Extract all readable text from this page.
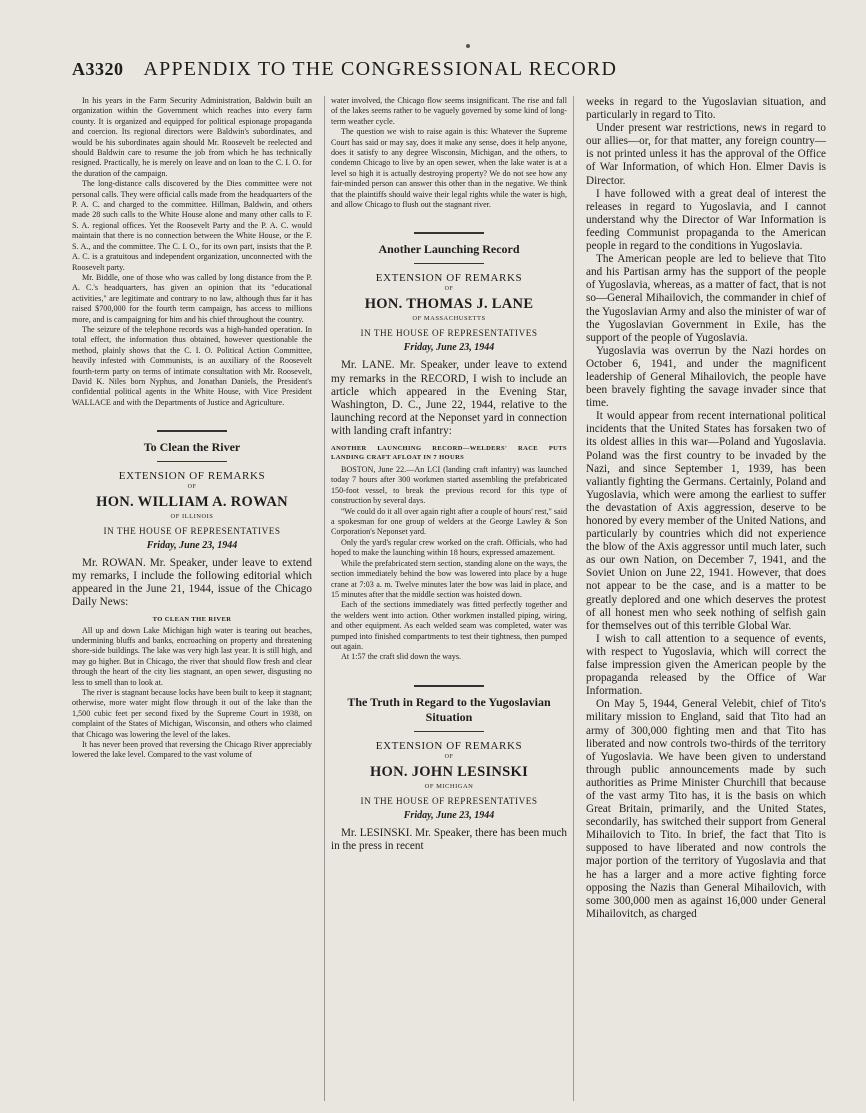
A3320 APPENDIX TO THE CONGRESSIONAL RECORD

In his years in the Farm Security Administration, Baldwin built an organization within the Government which reaches into every farm county. It is organized and equipped for political espionage propaganda and coercion. Its regional directors were Baldwin's subordinates, and would be his subordinates again should Mr. Roosevelt be reelected and should Baldwin care to resume the job from which he has technically resigned. Practically, he is merely on leave and on loan to the C. I. O. for the duration of the campaign.

The long-distance calls discovered by the Dies committee were not personal calls. They were official calls made from the headquarters of the P. A. C. and charged to the committee. Hillman, Baldwin, and others made 28 such calls to the White House alone and many other calls to F. S. A. regional offices. Yet the Roosevelt Party and the P. A. C. would maintain that there is no connection between the White House, or the F. S. A., and the committee. The C. I. O., for its own part, insists that the P. A. C. is a gratuitous and independent organization, unconnected with the Roosevelt party.

Mr. Biddle, one of those who was called by long distance from the P. A. C.'s headquarters, has given an opinion that its "educational activities," are legitimate and contrary to no law, although thus far it has raised $700,000 for the fourth term campaign, has access to millions more, and is campaigning for him and his chief throughout the country.

The seizure of the telephone records was a high-handed operation. In total effect, the information thus obtained, however questionable the method, plainly shows that the C. I. O. Political Action Committee, heavily infested with Communists, is an auxiliary of the Roosevelt fourth-term party on terms of intimate consultation with Mr. Roosevelt, David K. Niles born Nyphus, and Jonathan Daniels, the President's confidential political agents in the White House, with Vice President WALLACE and with the Departments of Justice and Agriculture.

To Clean the River
EXTENSION OF REMARKS
OF
HON. WILLIAM A. ROWAN
OF ILLINOIS
IN THE HOUSE OF REPRESENTATIVES
Friday, June 23, 1944

Mr. ROWAN. Mr. Speaker, under leave to extend my remarks, I include the following editorial which appeared in the June 21, 1944, issue of the Chicago Daily News:

TO CLEAN THE RIVER

All up and down Lake Michigan high water is tearing out beaches, undermining bluffs and banks, encroaching on property and threatening shore-side buildings. The lake was very high last year. It is still high, and may go higher. But in Chicago, the river that should flow fresh and clear through the heart of the city lies stagnant, an open sewer, disgusting no less to smell than to look at.

The river is stagnant because locks have been built to keep it stagnant; otherwise, more water might flow through it out of the lake than the 1,500 cubic feet per second fixed by the Supreme Court in 1938, on complaint of the States of Michigan, Wisconsin, and others who claimed that Chicago was lowering the level of the lakes.

It has never been proved that reversing the Chicago River appreciably lowered the lake level. Compared to the vast volume of

water involved, the Chicago flow seems insignificant. The rise and fall of the lakes seems rather to be vaguely governed by some kind of long-term weather cycle.

The question we wish to raise again is this: Whatever the Supreme Court has said or may say, does it make any sense, does it help anyone, does it satisfy to any degree Wisconsin, Michigan, and the others, to condemn Chicago to live by an open sewer, when the lake water is at a level so high it is actually destroying property? We do not see how any fair-minded person can answer this other than in the negative. We think that the plaintiffs should waive their legal rights while the water is high, and allow Chicago to flush out the stagnant river.

Another Launching Record
EXTENSION OF REMARKS
OF
HON. THOMAS J. LANE
OF MASSACHUSETTS
IN THE HOUSE OF REPRESENTATIVES
Friday, June 23, 1944

Mr. LANE. Mr. Speaker, under leave to extend my remarks in the RECORD, I wish to include an article which appeared in the Evening Star, Washington, D. C., June 22, 1944, relative to the launching record at the Neponset yard in connection with landing craft infantry:

ANOTHER LAUNCHING RECORD—WELDERS' RACE PUTS LANDING CRAFT AFLOAT IN 7 HOURS

BOSTON, June 22.—An LCI (landing craft infantry) was launched today 7 hours after 300 workmen started assembling the prefabricated 150-foot vessel, to break the previous record for this type of construction by several days.

"We could do it all over again right after a couple of hours' rest," said a spokesman for one group of welders at the George Lawley & Son Corporation's Neponset yard.

Only the yard's regular crew worked on the craft. Officials, who had hoped to make the launching within 18 hours, expressed amazement.

While the prefabricated stern section, standing alone on the ways, the section immediately behind the bow was lowered into place by a huge crane at 7:03 a. m. Twelve minutes later the bow was laid in place, and 15 minutes after that the middle section was hoisted down.

Each of the sections immediately was fitted perfectly together and the welders went into action. Other workmen installed piping, wiring, and other equipment. As each welded seam was completed, water was pumped into finished compartments to test their tightness, then pumped out again.

At 1:57 the craft slid down the ways.

The Truth in Regard to the Yugoslavian Situation
EXTENSION OF REMARKS
OF
HON. JOHN LESINSKI
OF MICHIGAN
IN THE HOUSE OF REPRESENTATIVES
Friday, June 23, 1944

Mr. LESINSKI. Mr. Speaker, there has been much in the press in recent

weeks in regard to the Yugoslavian situation, and particularly in regard to Tito.

Under present war restrictions, news in regard to our allies—or, for that matter, any foreign country—is not printed unless it has the approval of the Office of War Information, of which Hon. Elmer Davis is Director.

I have followed with a great deal of interest the releases in regard to Yugoslavia, and I cannot understand why the Director of War Information is feeding Communist propaganda to the American people in regard to the conditions in Yugoslavia.

The American people are led to believe that Tito and his Partisan army has the support of the people of Yugoslavia, whereas, as a matter of fact, that is not so—General Mihailovich, the commander in chief of the Yugoslavian Army and also the minister of war of the Yugoslavian Government in Exile, has the support of the people of Yugoslavia.

Yugoslavia was overrun by the Nazi hordes on October 6, 1941, and under the magnificent leadership of General Mihailovich, the people have been bravely fighting the savage invader since that time.

It would appear from recent international political incidents that the United States has forsaken two of its oldest allies in this war—Poland and Yugoslavia. Poland was the first country to be invaded by the Nazi, and since September 1, 1939, has been valiantly fighting the Germans. Certainly, Poland and Yugoslavia, which were among the earliest to suffer the devastation of Axis aggression, deserve to be honored by every member of the United Nations, and particularly by countries which did not experience the blow of the Axis aggressor until much later, such as our own Nation, on December 7, 1941, and the Soviet Union on June 22, 1941. However, that does not appear to be the case, and is a matter to be greatly deplored and one which deserves the protest of all honest men who seek nothing of selfish gain for themselves out of this terrible Global War.

I wish to call attention to a sequence of events, with respect to Yugoslavia, which will correct the false impression given the American people by the propaganda released by the Office of War Information.

On May 5, 1944, General Velebit, chief of Tito's military mission to England, said that Tito had an army of 300,000 fighting men and that Tito has liberated and now controls two-thirds of the territory of Yugoslavia. We have been given to understand through public announcements made by such authorities as Prime Minister Churchill that because of the vast army Tito has, it is the basis on which Great Britain, primarily, and the United States, secondarily, has switched their support from General Mihailovich to Tito. In brief, the fact that Tito is supposed to have liberated and now controls the major portion of the territory of Yugoslavia and that he has a larger and a more active fighting force opposing the Nazis than General Mihailovich, with some 300,000 men as against 16,000 under General Mihailovitch, as charged
